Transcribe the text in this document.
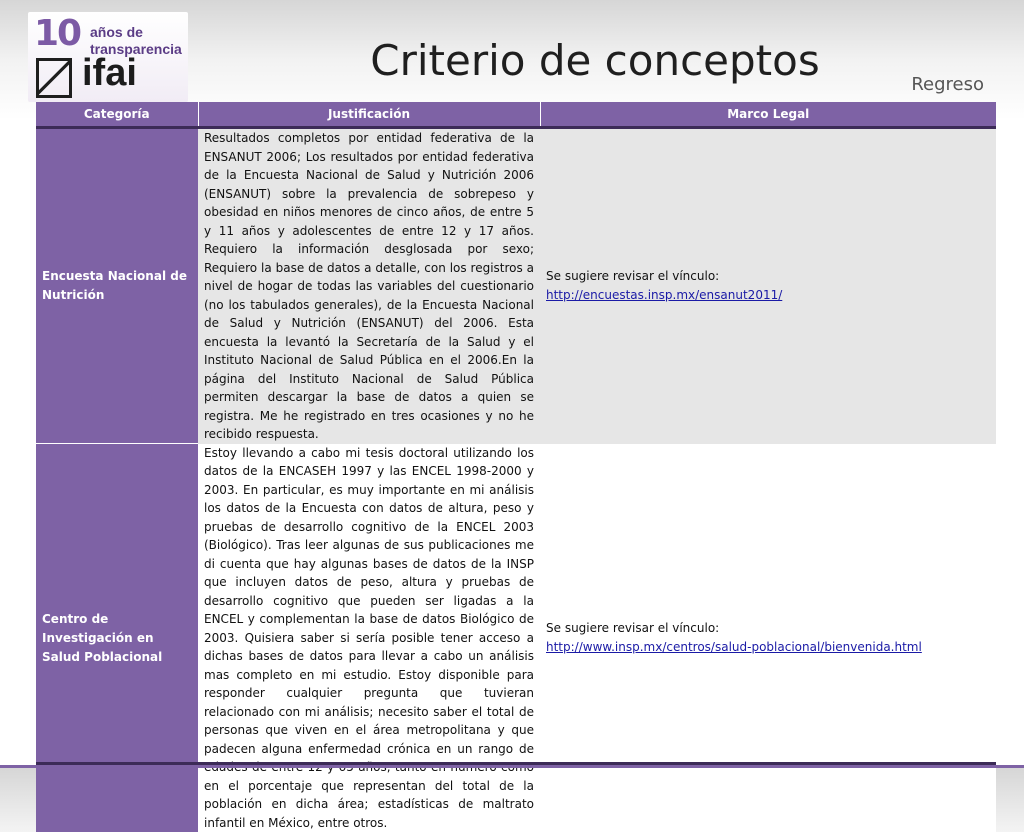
10 años de
transparencia
ifai	Criterio de conceptos	Regreso
Categoría	Justificación	Marco Legal
Encuesta Nacional de Nutrición	Resultados completos por entidad federativa de la ENSANUT 2006; Los resultados por entidad federativa de la Encuesta Nacional de Salud y Nutrición 2006 (ENSANUT) sobre la prevalencia de sobrepeso y obesidad en niños menores de cinco años, de entre 5 y 11 años y adolescentes de entre 12 y 17 años. Requiero la información desglosada por sexo; Requiero la base de datos a detalle, con los registros a nivel de hogar de todas las variables del cuestionario (no los tabulados generales), de la Encuesta Nacional de Salud y Nutrición (ENSANUT) del 2006. Esta encuesta la levantó la Secretaría de la Salud y el Instituto Nacional de Salud Pública en el 2006.En la página del Instituto Nacional de Salud Pública permiten descargar la base de datos a quien se registra. Me he registrado en tres ocasiones y no he recibido respuesta.	Se sugiere revisar el vínculo:
http://encuestas.insp.mx/ensanut2011/

Centro de Investigación en Salud Poblacional	Estoy llevando a cabo mi tesis doctoral utilizando los datos de la ENCASEH 1997 y las ENCEL 1998-2000 y 2003. En particular, es muy importante en mi análisis los datos de la Encuesta con datos de altura, peso y pruebas de desarrollo cognitivo de la ENCEL 2003 (Biológico). Tras leer algunas de sus publicaciones me di cuenta que hay algunas bases de datos de la INSP que incluyen datos de peso, altura y pruebas de desarrollo cognitivo que pueden ser ligadas a la ENCEL y complementan la base de datos Biológico de 2003. Quisiera saber si sería posible tener acceso a dichas bases de datos para llevar a cabo un análisis mas completo en mi estudio. Estoy disponible para responder cualquier pregunta que tuvieran relacionado con mi análisis; necesito saber el total de personas que viven en el área metropolitana y que padecen alguna enfermedad crónica en un rango de en el porcentaje que representan del total de la población en dicha área; estadísticas de maltrato infantil en México, entre otros.	Se sugiere revisar el vínculo:
http://www.insp.mx/centros/salud-poblacional/bienvenida.html
